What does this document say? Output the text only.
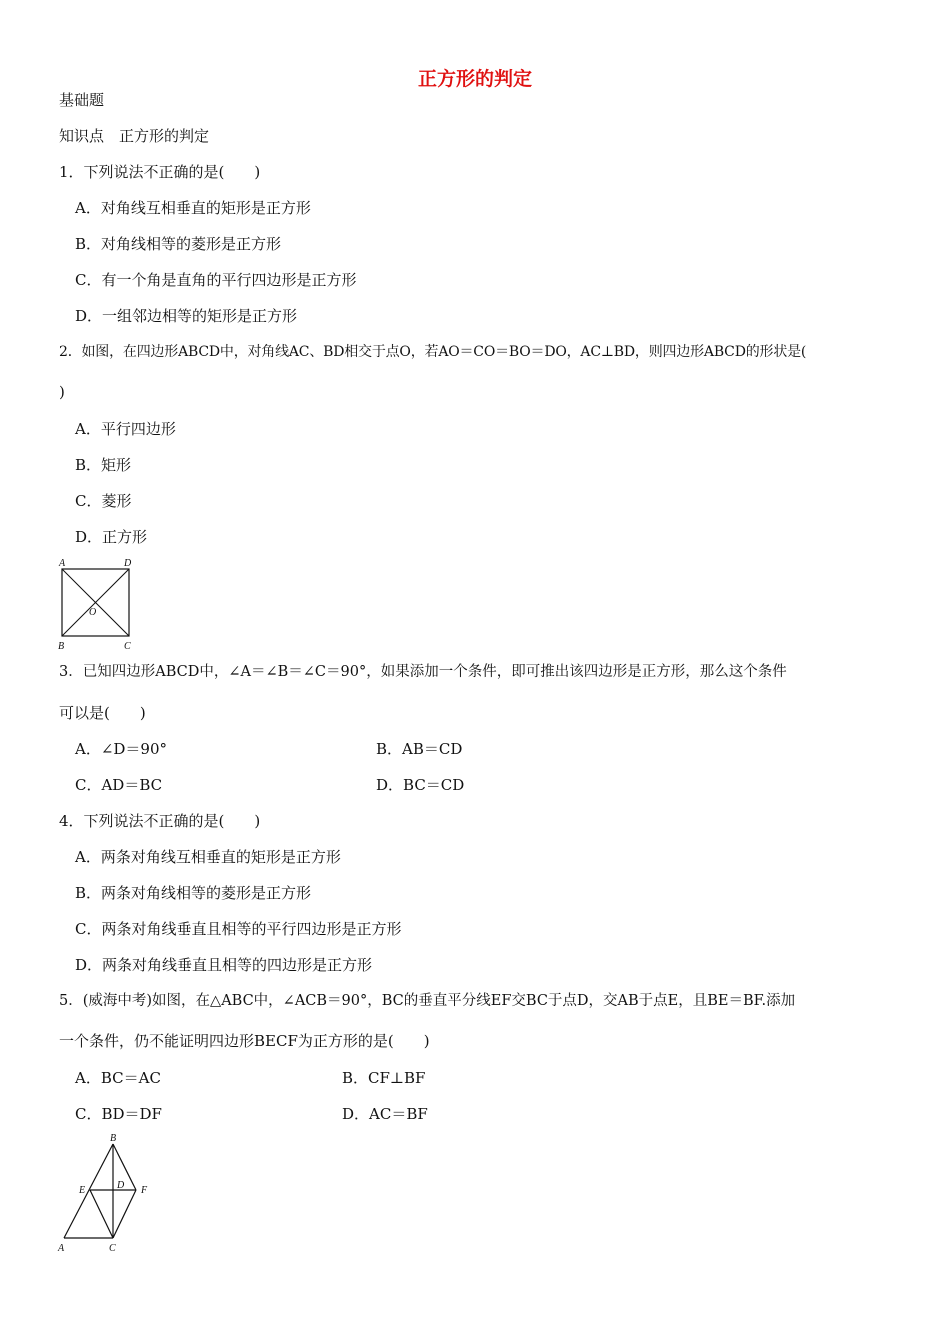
正方形的判定
基础题
知识点　正方形的判定
1．下列说法不正确的是(　　)
A．对角线互相垂直的矩形是正方形
B．对角线相等的菱形是正方形
C．有一个角是直角的平行四边形是正方形
D．一组邻边相等的矩形是正方形
2．如图，在四边形ABCD中，对角线AC、BD相交于点O，若AO＝CO＝BO＝DO，AC⊥BD，则四边形ABCD的形状是(
)
A．平行四边形
B．矩形
C．菱形
D．正方形
A	D
O
B	C
3．已知四边形ABCD中，∠A＝∠B＝∠C＝90°，如果添加一个条件，即可推出该四边形是正方形，那么这个条件
可以是(　　)
A．∠D＝90°	B．AB＝CD
C．AD＝BC	D．BC＝CD
4．下列说法不正确的是(　　)
A．两条对角线互相垂直的矩形是正方形
B．两条对角线相等的菱形是正方形
C．两条对角线垂直且相等的平行四边形是正方形
D．两条对角线垂直且相等的四边形是正方形
5．(威海中考)如图，在△ABC中，∠ACB＝90°，BC的垂直平分线EF交BC于点D，交AB于点E，且BE＝BF.添加
一个条件，仍不能证明四边形BECF为正方形的是(　　)
A．BC＝AC	B．CF⊥BF
C．BD＝DF	D．AC＝BF
B
E	D F
A	C
